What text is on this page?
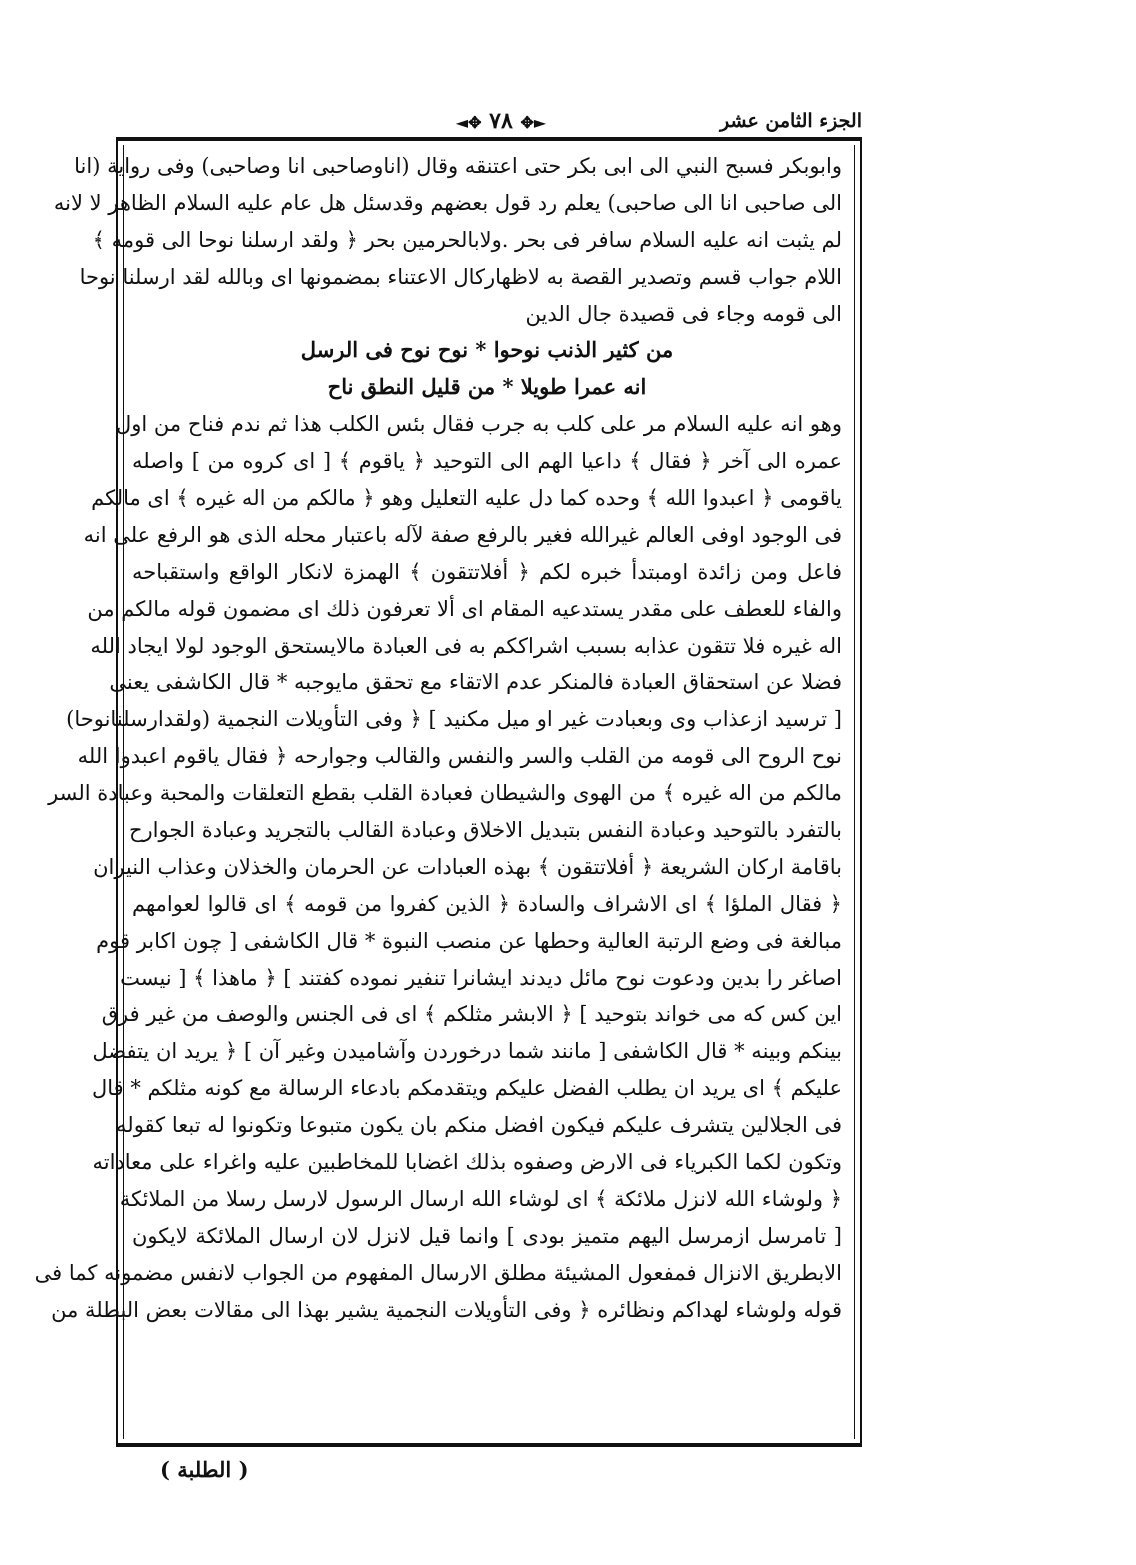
الجزء الثامن عشر
◄✥ ٧٨ ✥►
وابوبكر فسبح النبي الى ابى بكر حتى اعتنقه وقال (اناوصاحبى انا وصاحبى) وفى رواية (انا
الى صاحبى انا الى صاحبى) يعلم رد قول بعضهم وقدسئل هل عام عليه السلام الظاهر لا لانه
لم يثبت انه عليه السلام سافر فى بحر .ولابالحرمين بحر ﴿ ولقد ارسلنا نوحا الى قومه ﴾
اللام جواب قسم وتصدير القصة به لاظهاركال الاعتناء بمضمونها اى وبالله لقد ارسلنا نوحا
الى قومه وجاء فى قصيدة جال الدين
من كثير الذنب نوحوا * نوح نوح فى الرسل
انه عمرا طويلا * من قليل النطق ناح
وهو انه عليه السلام مر على كلب به جرب فقال بئس الكلب هذا ثم ندم فناح من اول
عمره الى آخر ﴿ فقال ﴾ داعيا الهم الى التوحيد ﴿ ياقوم ﴾ [ اى كروه من ] واصله
ياقومى ﴿ اعبدوا الله ﴾ وحده كما دل عليه التعليل وهو ﴿ مالكم من اله غيره ﴾ اى مالكم
فى الوجود اوفى العالم غيرالله فغير بالرفع صفة لآله باعتبار محله الذى هو الرفع على انه
فاعل ومن زائدة اومبتدأ خبره لكم ﴿ أفلاتتقون ﴾ الهمزة لانكار الواقع واستقباحه
والفاء للعطف على مقدر يستدعيه المقام اى ألا تعرفون ذلك اى مضمون قوله مالكم من
اله غيره فلا تتقون عذابه بسبب اشراككم به فى العبادة مالايستحق الوجود لولا ايجاد الله
فضلا عن استحقاق العبادة فالمنكر عدم الاتقاء مع تحقق مايوجبه * قال الكاشفى يعنى
[ ترسيد ازعذاب وى وبعبادت غير او ميل مكنيد ] ﴿ وفى التأويلات النجمية (ولقدارسلنانوحا)
نوح الروح الى قومه من القلب والسر والنفس والقالب وجوارحه ﴿ فقال ياقوم اعبدوا الله
مالكم من اله غيره ﴾ من الهوى والشيطان فعبادة القلب بقطع التعلقات والمحبة وعبادة السر
بالتفرد بالتوحيد وعبادة النفس بتبديل الاخلاق وعبادة القالب بالتجريد وعبادة الجوارح
باقامة اركان الشريعة ﴿ أفلاتتقون ﴾ بهذه العبادات عن الحرمان والخذلان وعذاب النيران
﴿ فقال الملؤا ﴾ اى الاشراف والسادة ﴿ الذين كفروا من قومه ﴾ اى قالوا لعوامهم
مبالغة فى وضع الرتبة العالية وحطها عن منصب النبوة * قال الكاشفى [ چون اكابر قوم
اصاغر را بدين ودعوت نوح مائل ديدند ايشانرا تنفير نموده كفتند ] ﴿ ماهذا ﴾ [ نيست
اين كس كه مى خواند بتوحيد ] ﴿ الابشر مثلكم ﴾ اى فى الجنس والوصف من غير فرق
بينكم وبينه * قال الكاشفى [ مانند شما درخوردن وآشاميدن وغير آن ] ﴿ يريد ان يتفضل
عليكم ﴾ اى يريد ان يطلب الفضل عليكم ويتقدمكم بادعاء الرسالة مع كونه مثلكم * قال
فى الجلالين يتشرف عليكم فيكون افضل منكم بان يكون متبوعا وتكونوا له تبعا كقوله
وتكون لكما الكبرياء فى الارض وصفوه بذلك اغضابا للمخاطبين عليه واغراء على معاداته
﴿ ولوشاء الله لانزل ملائكة ﴾ اى لوشاء الله ارسال الرسول لارسل رسلا من الملائكة
[ تامرسل ازمرسل اليهم متميز بودى ] وانما قيل لانزل لان ارسال الملائكة لايكون
الابطريق الانزال فمفعول المشيئة مطلق الارسال المفهوم من الجواب لانفس مضمونه كما فى
قوله ولوشاء لهداكم ونظائره ﴿ وفى التأويلات النجمية يشير بهذا الى مقالات بعض البطلة من
( الطلبة )
